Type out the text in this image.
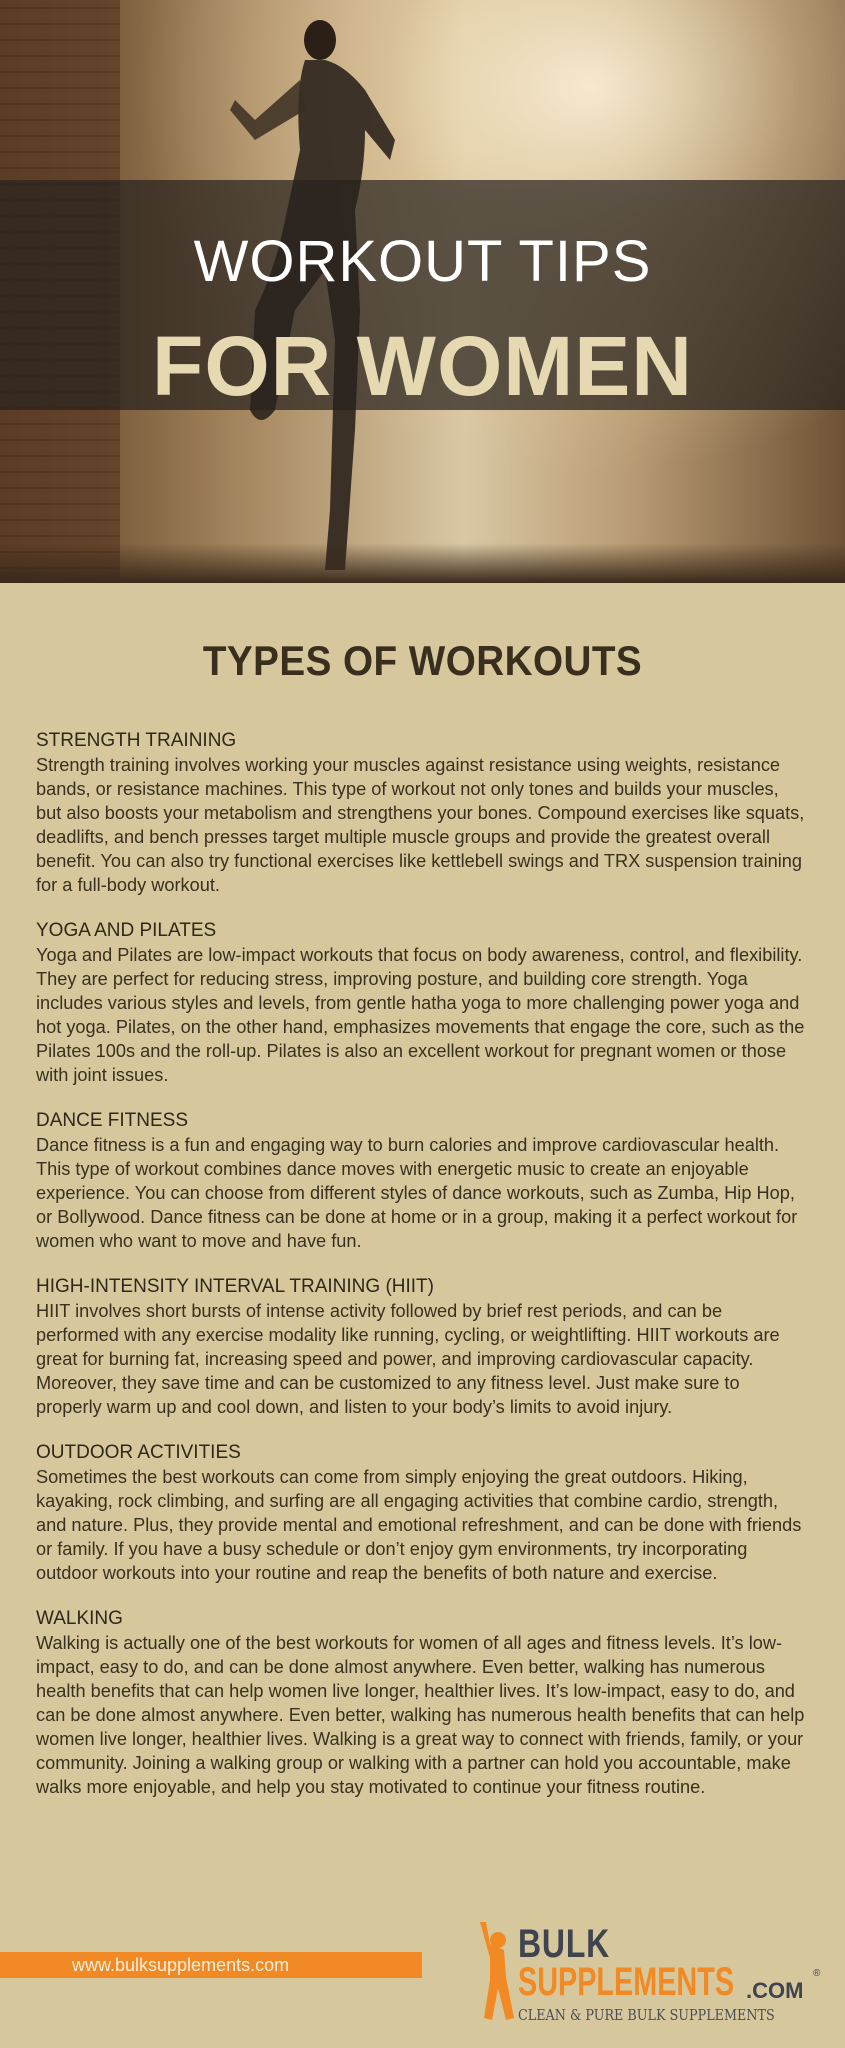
WORKOUT TIPS
FOR WOMEN
TYPES OF WORKOUTS
STRENGTH TRAINING

Strength training involves working your muscles against resistance using weights, resistance bands, or resistance machines. This type of workout not only tones and builds your muscles, but also boosts your metabolism and strengthens your bones. Compound exercises like squats, deadlifts, and bench presses target multiple muscle groups and provide the greatest overall benefit. You can also try functional exercises like kettlebell swings and TRX suspension training for a full-body workout.

YOGA AND PILATES

Yoga and Pilates are low-impact workouts that focus on body awareness, control, and flexibility. They are perfect for reducing stress, improving posture, and building core strength. Yoga includes various styles and levels, from gentle hatha yoga to more challenging power yoga and hot yoga. Pilates, on the other hand, emphasizes movements that engage the core, such as the Pilates 100s and the roll-up. Pilates is also an excellent workout for pregnant women or those with joint issues.

DANCE FITNESS

Dance fitness is a fun and engaging way to burn calories and improve cardiovascular health. This type of workout combines dance moves with energetic music to create an enjoyable experience. You can choose from different styles of dance workouts, such as Zumba, Hip Hop, or Bollywood. Dance fitness can be done at home or in a group, making it a perfect workout for women who want to move and have fun.

HIGH-INTENSITY INTERVAL TRAINING (HIIT)

HIIT involves short bursts of intense activity followed by brief rest periods, and can be performed with any exercise modality like running, cycling, or weightlifting. HIIT workouts are great for burning fat, increasing speed and power, and improving cardiovascular capacity. Moreover, they save time and can be customized to any fitness level. Just make sure to properly warm up and cool down, and listen to your body’s limits to avoid injury.

OUTDOOR ACTIVITIES

Sometimes the best workouts can come from simply enjoying the great outdoors. Hiking, kayaking, rock climbing, and surfing are all engaging activities that combine cardio, strength, and nature. Plus, they provide mental and emotional refreshment, and can be done with friends or family. If you have a busy schedule or don’t enjoy gym environments, try incorporating outdoor workouts into your routine and reap the benefits of both nature and exercise.

WALKING

Walking is actually one of the best workouts for women of all ages and fitness levels. It’s low-impact, easy to do, and can be done almost anywhere. Even better, walking has numerous health benefits that can help women live longer, healthier lives. It’s low-impact, easy to do, and can be done almost anywhere. Even better, walking has numerous health benefits that can help women live longer, healthier lives. Walking is a great way to connect with friends, family, or your community. Joining a walking group or walking with a partner can hold you accountable, make walks more enjoyable, and help you stay motivated to continue your fitness routine.

www.bulksupplements.com	BULK
SUPPLEMENTS .COM
®
CLEAN & PURE BULK SUPPLEMENTS
